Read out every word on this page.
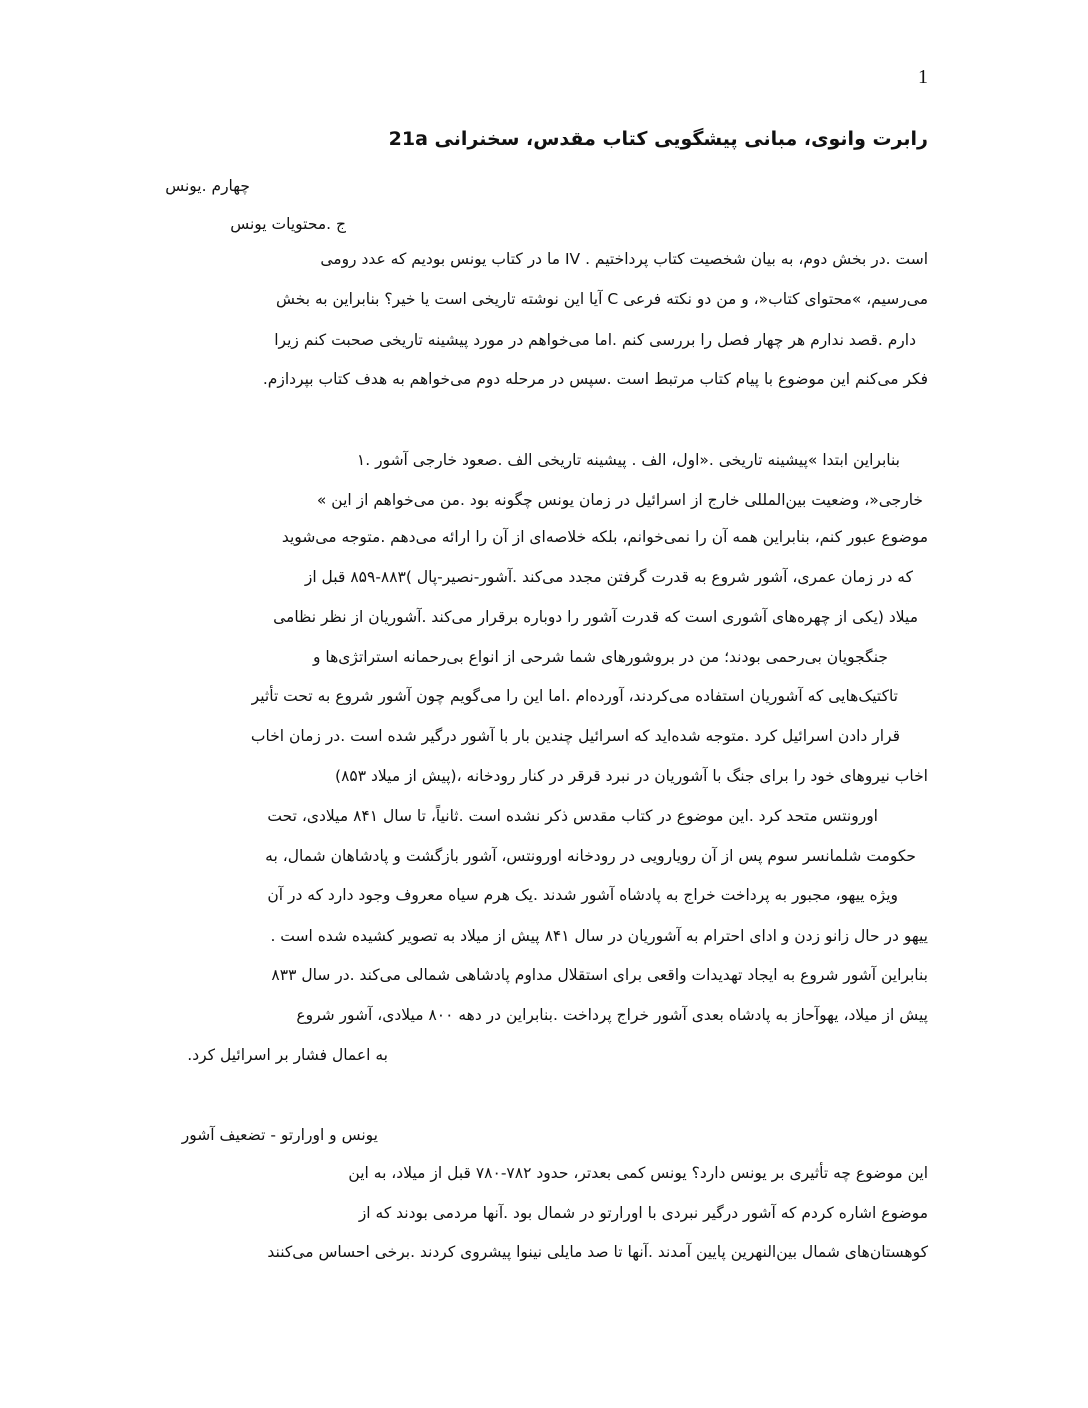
1
رابرت وانوی، مبانی پیشگویی کتاب مقدس، سخنرانی 21a
چهارم .یونس
ج .محتویات یونس
است .در بخش دوم، به بیان شخصیت کتاب پرداختیم . IV ما در کتاب یونس بودیم که عدد رومی
می‌رسیم، »محتوای کتاب«، و من دو نکته فرعی C آیا این نوشته تاریخی است یا خیر؟ بنابراین به بخش
دارم .قصد ندارم هر چهار فصل را بررسی کنم .اما می‌خواهم در مورد پیشینه تاریخی صحبت کنم زیرا
فکر می‌کنم این موضوع با پیام کتاب مرتبط است .سپس در مرحله دوم می‌خواهم به هدف کتاب بپردازم.
بنابراین ابتدا »پیشینه تاریخی .«اول، الف . پیشینه تاریخی الف .صعود خارجی آشور .۱
خارجی«، وضعیت بین‌المللی خارج از اسرائیل در زمان یونس چگونه بود .من می‌خواهم از این »
موضوع عبور کنم، بنابراین همه آن را نمی‌خوانم، بلکه خلاصه‌ای از آن را ارائه می‌دهم .متوجه می‌شوید
که در زمان عمری، آشور شروع به قدرت گرفتن مجدد می‌کند .آشور-نصیر-پال )۸۸۳-۸۵۹ قبل از
میلاد (یکی از چهره‌های آشوری است که قدرت آشور را دوباره برقرار می‌کند .آشوریان از نظر نظامی
جنگجویان بی‌رحمی بودند؛ من در بروشورهای شما شرحی از انواع بی‌رحمانه استراتژی‌ها و
تاکتیک‌هایی که آشوریان استفاده می‌کردند، آورده‌ام .اما این را می‌گویم چون آشور شروع به تحت تأثیر
قرار دادن اسرائیل کرد .متوجه شده‌اید که اسرائیل چندین بار با آشور درگیر شده است .در زمان اخاب
اخاب نیروهای خود را برای جنگ با آشوریان در نبرد قرقر در کنار رودخانه ،(پیش از میلاد ۸۵۳)
اورونتس متحد کرد .این موضوع در کتاب مقدس ذکر نشده است .ثانیاً، تا سال ۸۴۱ میلادی، تحت
حکومت شلمانسر سوم پس از آن رویارویی در رودخانه اورونتس، آشور بازگشت و پادشاهان شمال، به
ویژه ییهو، مجبور به پرداخت خراج به پادشاه آشور شدند .یک هرم سیاه معروف وجود دارد که در آن
ییهو در حال زانو زدن و ادای احترام به آشوریان در سال ۸۴۱ پیش از میلاد به تصویر کشیده شده است .
بنابراین آشور شروع به ایجاد تهدیدات واقعی برای استقلال مداوم پادشاهی شمالی می‌کند .در سال ۸۳۳
پیش از میلاد، یهوآحاز به پادشاه بعدی آشور خراج پرداخت .بنابراین در دهه ۸۰۰ میلادی، آشور شروع
به اعمال فشار بر اسرائیل کرد.
یونس و اورارتو - تضعیف آشور
این موضوع چه تأثیری بر یونس دارد؟ یونس کمی بعدتر، حدود ۷۸۲-۷۸۰ قبل از میلاد، به این
موضوع اشاره کردم که آشور درگیر نبردی با اورارتو در شمال بود .آنها مردمی بودند که از
کوهستان‌های شمال بین‌النهرین پایین آمدند .آنها تا صد مایلی نینوا پیشروی کردند .برخی احساس می‌کنند
